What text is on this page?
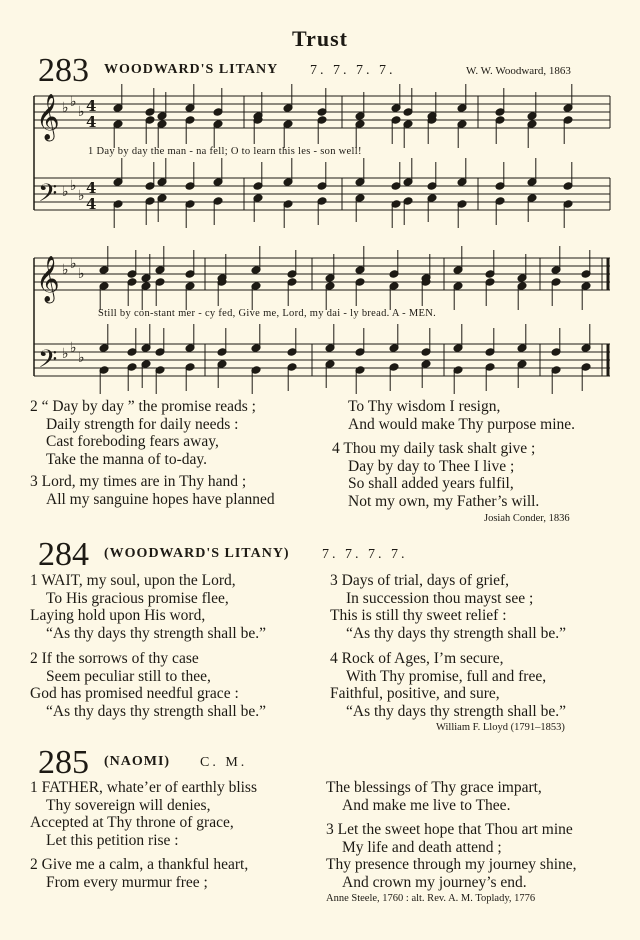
Trust
283 WOODWARD'S LITANY 7. 7. 7. 7.	W. W. Woodward, 1863
𝄞
𝄢
𝄞
𝄢
♭ ♭
♭
♭ ♭
♭
♭ ♭
♭
♭ ♭
♭
4
4
4
4
1 Day by day the man - na fell; O to learn this les - son well!
Still by con-stant mer - cy fed, Give me, Lord, my dai - ly bread. A - MEN.
2 “ Day by day ” the promise reads ;
Daily strength for daily needs :
Cast foreboding fears away,
Take the manna of to-day.
3 Lord, my times are in Thy hand ;
All my sanguine hopes have planned
To Thy wisdom I resign,
And would make Thy purpose mine.
4 Thou my daily task shalt give ;
Day by day to Thee I live ;
So shall added years fulfil,
Not my own, my Father’s will.
Josiah Conder, 1836
284 (WOODWARD'S LITANY) 7. 7. 7. 7.
1 WAIT, my soul, upon the Lord,
To His gracious promise flee,
Laying hold upon His word,
“As thy days thy strength shall be.”
2 If the sorrows of thy case
Seem peculiar still to thee,
God has promised needful grace :
“As thy days thy strength shall be.”
3 Days of trial, days of grief,
In succession thou mayst see ;
This is still thy sweet relief :
“As thy days thy strength shall be.”
4 Rock of Ages, I’m secure,
With Thy promise, full and free,
Faithful, positive, and sure,
“As thy days thy strength shall be.”
William F. Lloyd (1791–1853)
285 (NAOMI) C. M.
1 FATHER, whate’er of earthly bliss
Thy sovereign will denies,
Accepted at Thy throne of grace,
Let this petition rise :
2 Give me a calm, a thankful heart,
From every murmur free ;
The blessings of Thy grace impart,
And make me live to Thee.
3 Let the sweet hope that Thou art mine
My life and death attend ;
Thy presence through my journey shine,
And crown my journey’s end.
Anne Steele, 1760 : alt. Rev. A. M. Toplady, 1776
